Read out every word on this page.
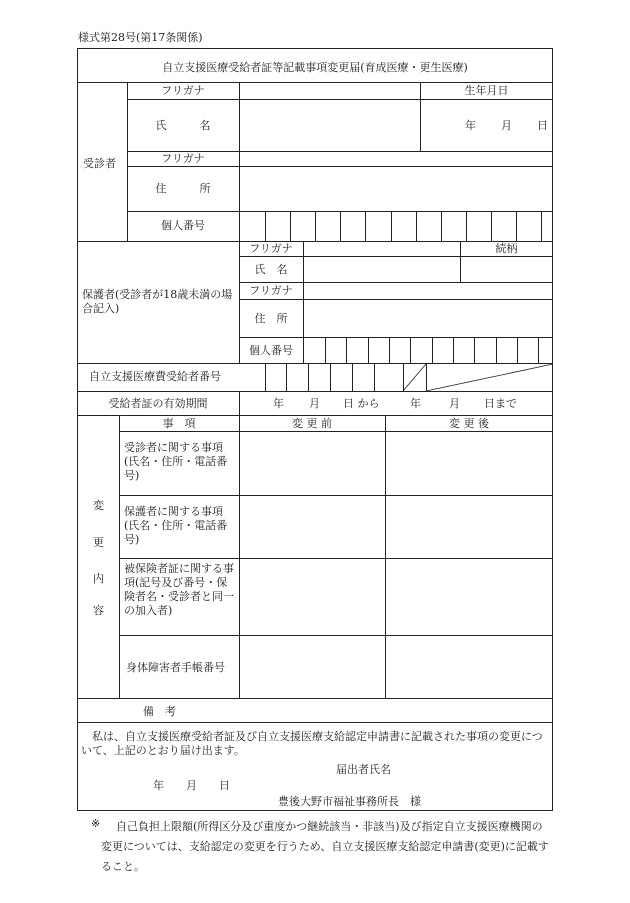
様式第28号(第17条関係)
自立支援医療受給者証等記載事項変更届(育成医療・更生医療)
受診者
フリガナ	生年月日
氏　　　名	年 月 日
フリガナ
住　　　所
個人番号
保護者(受診者が18歳未満の場合記入)
フリガナ	続柄
氏　名
フリガナ
住　所
個人番号
自立支援医療費受給者番号
受給者証の有効期間	年 月 日 から	年	月 日まで
変
更
内
容
事　項	変 更 前	変 更 後
受診者に関する事項(氏名・住所・電話番号)
保護者に関する事項(氏名・住所・電話番号)
被保険者証に関する事項(記号及び番号・保険者名・受診者と同一の加入者)
身体障害者手帳番号
備　考
私は、自立支援医療受給者証及び自立支援医療支給認定申請書に記載された事項の変更について、上記のとおり届け出ます。
届出者氏名
年　　月　　日
豊後大野市福祉事務所長　様
※	自己負担上限額(所得区分及び重度かつ継続該当・非該当)及び指定自立支援医療機関の変更については、支給認定の変更を行うため、自立支援医療支給認定申請書(変更)に記載すること。
